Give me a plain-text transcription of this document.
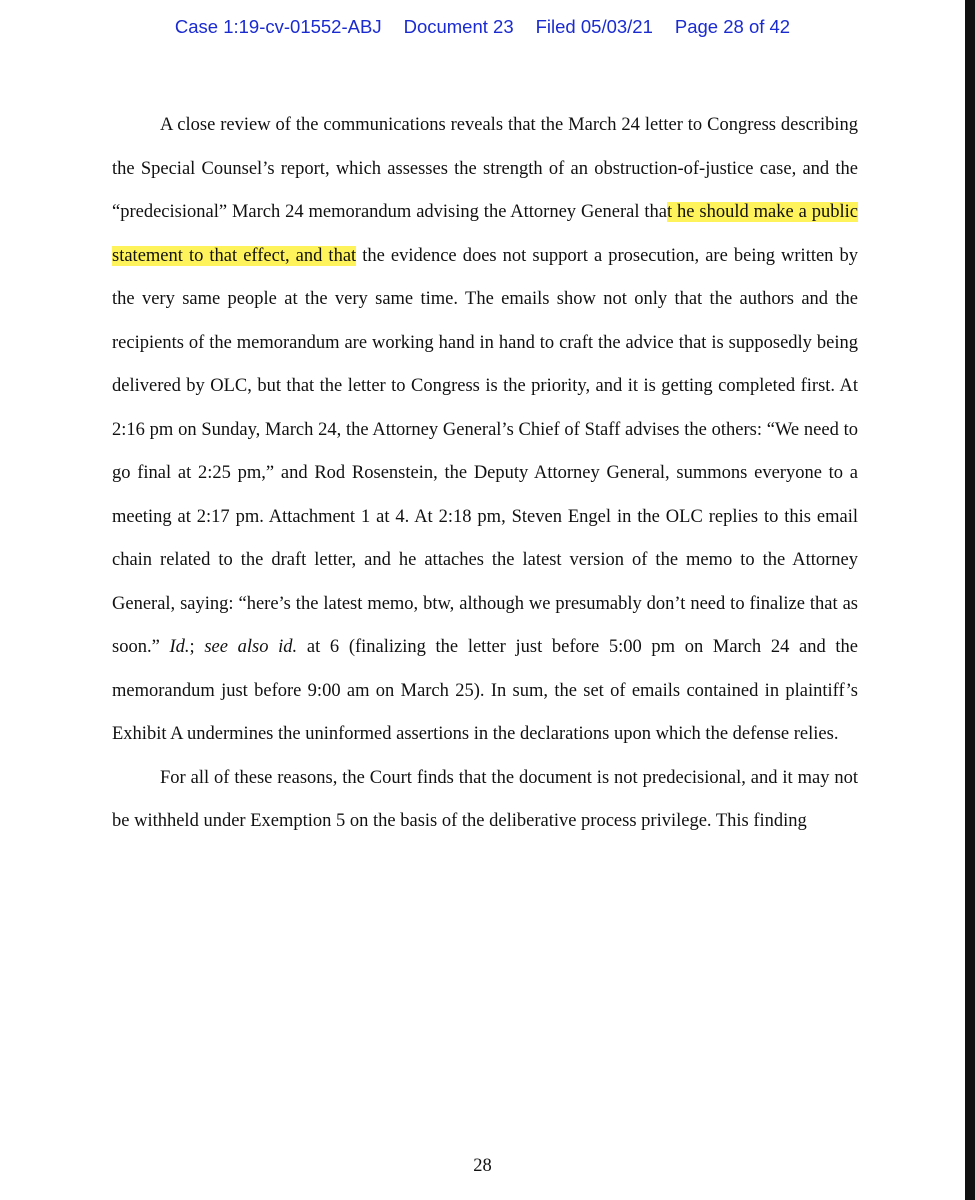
Case 1:19-cv-01552-ABJ Document 23 Filed 05/03/21 Page 28 of 42

A close review of the communications reveals that the March 24 letter to Congress describing the Special Counsel’s report, which assesses the strength of an obstruction-of-justice case, and the “predecisional” March 24 memorandum advising the Attorney General that he should make a public statement to that effect, and that the evidence does not support a prosecution, are being written by the very same people at the very same time. The emails show not only that the authors and the recipients of the memorandum are working hand in hand to craft the advice that is supposedly being delivered by OLC, but that the letter to Congress is the priority, and it is getting completed first. At 2:16 pm on Sunday, March 24, the Attorney General’s Chief of Staff advises the others: “We need to go final at 2:25 pm,” and Rod Rosenstein, the Deputy Attorney General, summons everyone to a meeting at 2:17 pm. Attachment 1 at 4. At 2:18 pm, Steven Engel in the OLC replies to this email chain related to the draft letter, and he attaches the latest version of the memo to the Attorney General, saying: “here’s the latest memo, btw, although we presumably don’t need to finalize that as soon.” Id.; see also id. at 6 (finalizing the letter just before 5:00 pm on March 24 and the memorandum just before 9:00 am on March 25). In sum, the set of emails contained in plaintiff’s Exhibit A undermines the uninformed assertions in the declarations upon which the defense relies.

For all of these reasons, the Court finds that the document is not predecisional, and it may not be withheld under Exemption 5 on the basis of the deliberative process privilege. This finding

28
